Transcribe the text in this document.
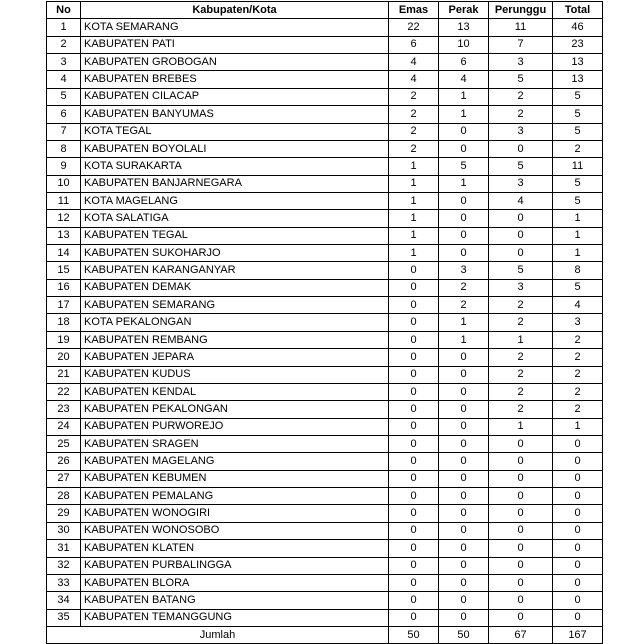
No	Kabupaten/Kota	Emas	Perak	Perunggu	Total
1	KOTA SEMARANG	22	13	11	46
2	KABUPATEN PATI	6	10	7	23
3	KABUPATEN GROBOGAN	4	6	3	13
4	KABUPATEN BREBES	4	4	5	13
5	KABUPATEN CILACAP	2	1	2	5
6	KABUPATEN BANYUMAS	2	1	2	5
7	KOTA TEGAL	2	0	3	5
8	KABUPATEN BOYOLALI	2	0	0	2
9	KOTA SURAKARTA	1	5	5	11
10	KABUPATEN BANJARNEGARA	1	1	3	5
11	KOTA MAGELANG	1	0	4	5
12	KOTA SALATIGA	1	0	0	1
13	KABUPATEN TEGAL	1	0	0	1
14	KABUPATEN SUKOHARJO	1	0	0	1
15	KABUPATEN KARANGANYAR	0	3	5	8
16	KABUPATEN DEMAK	0	2	3	5
17	KABUPATEN SEMARANG	0	2	2	4
18	KOTA PEKALONGAN	0	1	2	3
19	KABUPATEN REMBANG	0	1	1	2
20	KABUPATEN JEPARA	0	0	2	2
21	KABUPATEN KUDUS	0	0	2	2
22	KABUPATEN KENDAL	0	0	2	2
23	KABUPATEN PEKALONGAN	0	0	2	2
24	KABUPATEN PURWOREJO	0	0	1	1
25	KABUPATEN SRAGEN	0	0	0	0
26	KABUPATEN MAGELANG	0	0	0	0
27	KABUPATEN KEBUMEN	0	0	0	0
28	KABUPATEN PEMALANG	0	0	0	0
29	KABUPATEN WONOGIRI	0	0	0	0
30	KABUPATEN WONOSOBO	0	0	0	0
31	KABUPATEN KLATEN	0	0	0	0
32	KABUPATEN PURBALINGGA	0	0	0	0
33	KABUPATEN BLORA	0	0	0	0
34	KABUPATEN BATANG	0	0	0	0
35	KABUPATEN TEMANGGUNG	0	0	0	0
Jumlah		50	50	67	167
